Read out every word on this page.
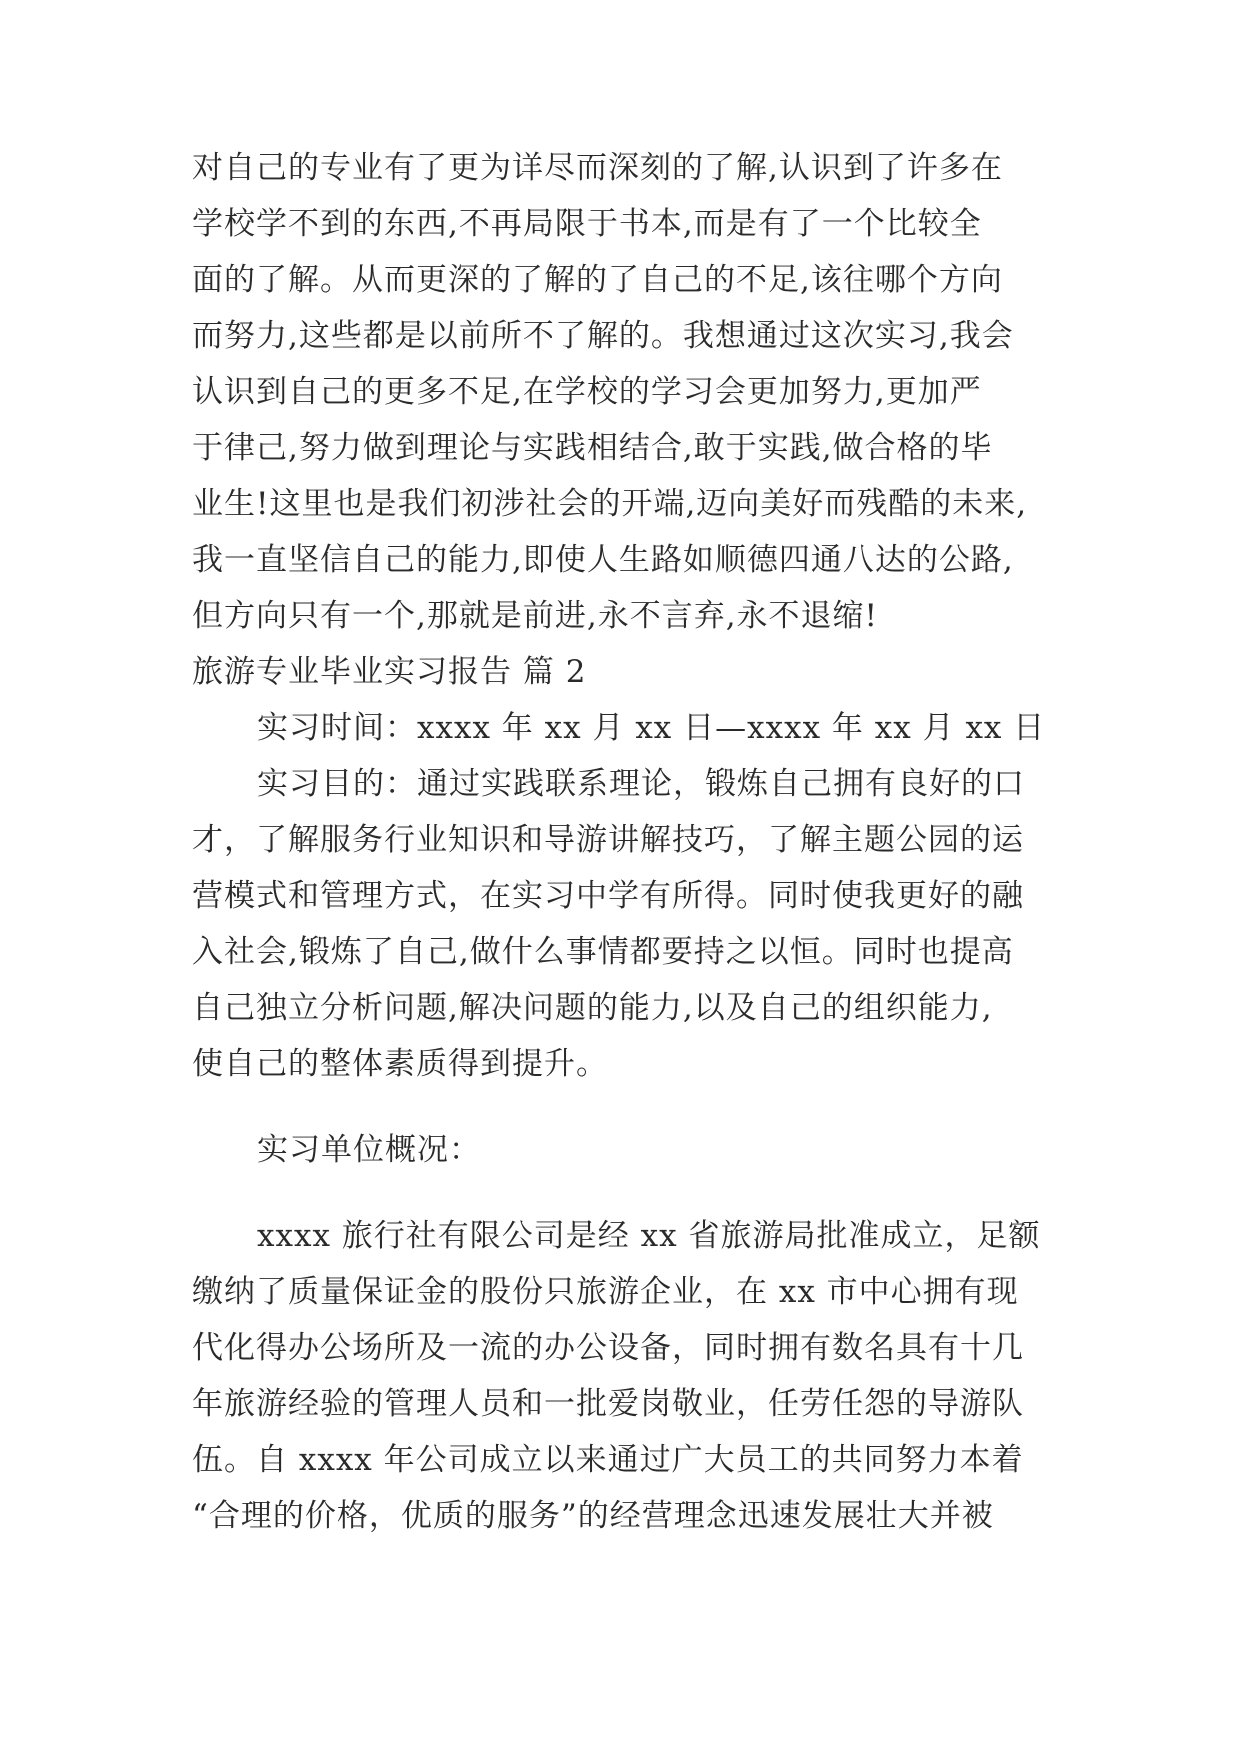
对自己的专业有了更为详尽而深刻的了解,认识到了许多在
学校学不到的东西,不再局限于书本,而是有了一个比较全
面的了解。从而更深的了解的了自己的不足,该往哪个方向
而努力,这些都是以前所不了解的。我想通过这次实习,我会
认识到自己的更多不足,在学校的学习会更加努力,更加严
于律己,努力做到理论与实践相结合,敢于实践,做合格的毕
业生!这里也是我们初涉社会的开端,迈向美好而残酷的未来,
我一直坚信自己的能力,即使人生路如顺德四通八达的公路,
但方向只有一个,那就是前进,永不言弃,永不退缩!
旅游专业毕业实习报告 篇 2
实习时间：xxxx 年 xx 月 xx 日—xxxx 年 xx 月 xx 日
实习目的：通过实践联系理论，锻炼自己拥有良好的口
才，了解服务行业知识和导游讲解技巧，了解主题公园的运
营模式和管理方式，在实习中学有所得。同时使我更好的融
入社会,锻炼了自己,做什么事情都要持之以恒。同时也提高
自己独立分析问题,解决问题的能力,以及自己的组织能力,
使自己的整体素质得到提升。
实习单位概况：
xxxx 旅行社有限公司是经 xx 省旅游局批准成立，足额
缴纳了质量保证金的股份只旅游企业，在 xx 市中心拥有现
代化得办公场所及一流的办公设备，同时拥有数名具有十几
年旅游经验的管理人员和一批爱岗敬业，任劳任怨的导游队
伍。自 xxxx 年公司成立以来通过广大员工的共同努力本着
“合理的价格，优质的服务”的经营理念迅速发展壮大并被
